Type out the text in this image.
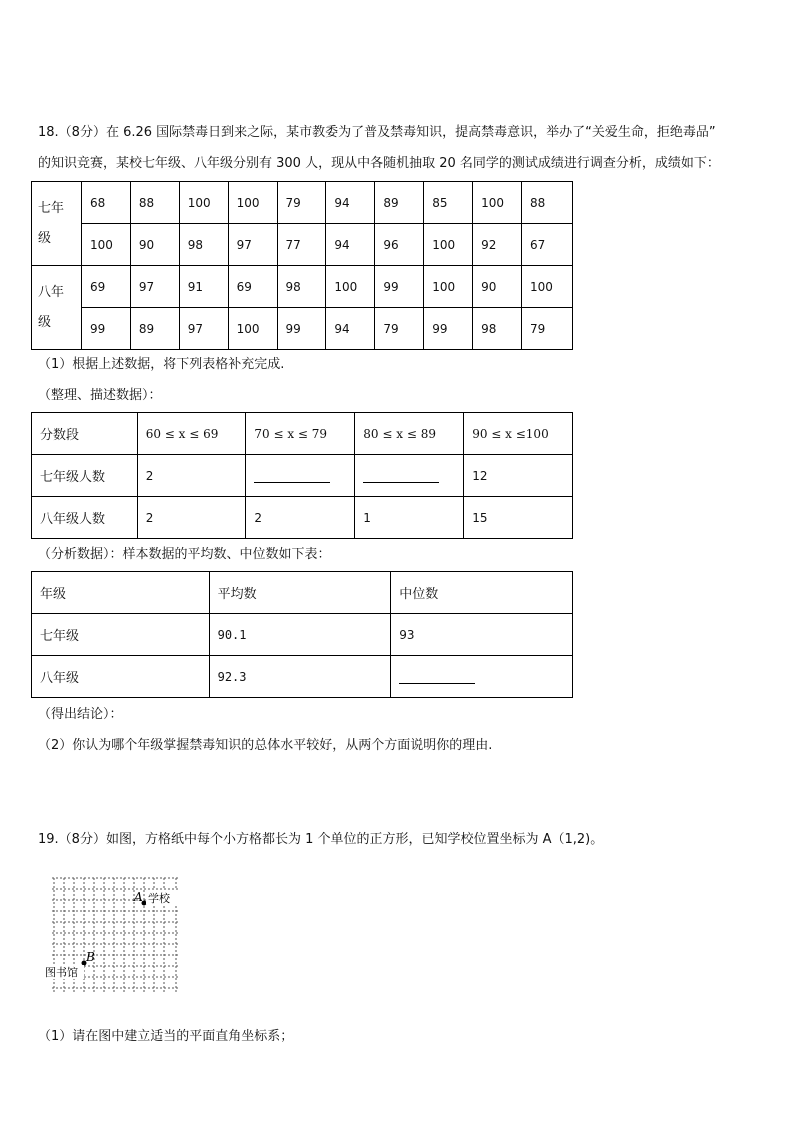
18.（8分）在 6.26 国际禁毒日到来之际，某市教委为了普及禁毒知识，提高禁毒意识，举办了“关爱生命，拒绝毒品”
的知识竞赛，某校七年级、八年级分别有 300 人，现从中各随机抽取 20 名同学的测试成绩进行调查分析，成绩如下：
七年级	68	88	100	100	79	94	89	85	100	88
	100	90	98	97	77	94	96	100	92	67

八年级	69	97	91	69	98	100	99	100	90	100
	99	89	97	100	99	94	79	99	98	79
（1）根据上述数据，将下列表格补充完成.
（整理、描述数据）：
分数段	60 ≤ x ≤ 69	70 ≤ x ≤ 79	80 ≤ x ≤ 89	90 ≤ x ≤100
七年级人数	2			12
八年级人数	2	2	1	15
（分析数据）：样本数据的平均数、中位数如下表：
年级	平均数	中位数
七年级	90.1	93
八年级	92.3	
（得出结论）：
（2）你认为哪个年级掌握禁毒知识的总体水平较好，从两个方面说明你的理由.
19.（8分）如图，方格纸中每个小方格都长为 1 个单位的正方形，已知学校位置坐标为 A（1,2)。
A 学校
B
图书馆
（1）请在图中建立适当的平面直角坐标系；
